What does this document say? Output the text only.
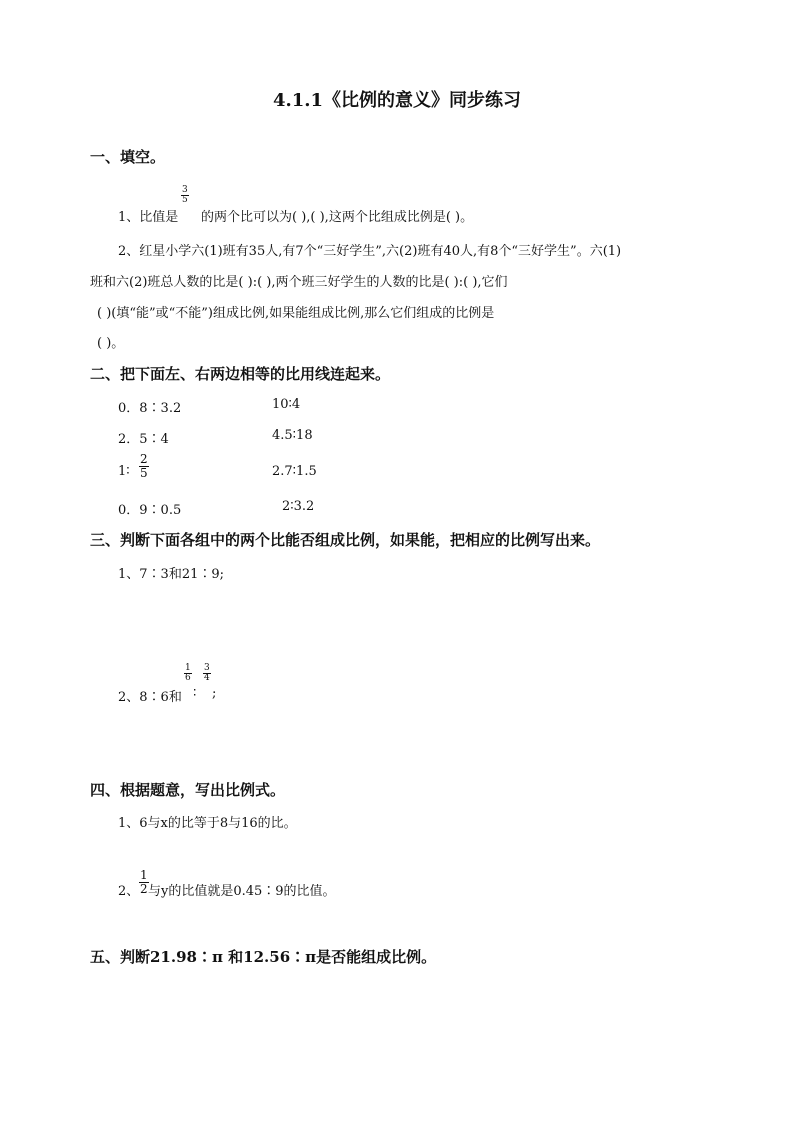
4.1.1《比例的意义》同步练习
一、填空。
1、比值是
$\frac{3}{5}$
的两个比可以为( ),( ),这两个比组成比例是( )。
2、红星小学六(1)班有35人,有7个“三好学生”,六(2)班有40人,有8个“三好学生”。六(1)
班和六(2)班总人数的比是( ):( ),两个班三好学生的人数的比是( ):( ),它们
( )(填“能”或“不能”)组成比例,如果能组成比例,那么它们组成的比例是
( )。
二、把下面左、右两边相等的比用线连起来。
0．8∶3.2	10∶4
2．5∶4	4.5∶18
1∶ $\frac{2}{5}$	2.7∶1.5
0．9∶0.5	2∶3.2
三、判断下面各组中的两个比能否组成比例，如果能，把相应的比例写出来。
1、7∶3和21∶9;
2、8∶6和
$\frac{1}{6}$
∶
$\frac{3}{4}$
;
四、根据题意，写出比例式。
1、6与x的比等于8与16的比。
2、 $\frac{1}{2}$ 与y的比值就是0.45∶9的比值。
五、判断21.98∶π 和12.56∶π是否能组成比例。
